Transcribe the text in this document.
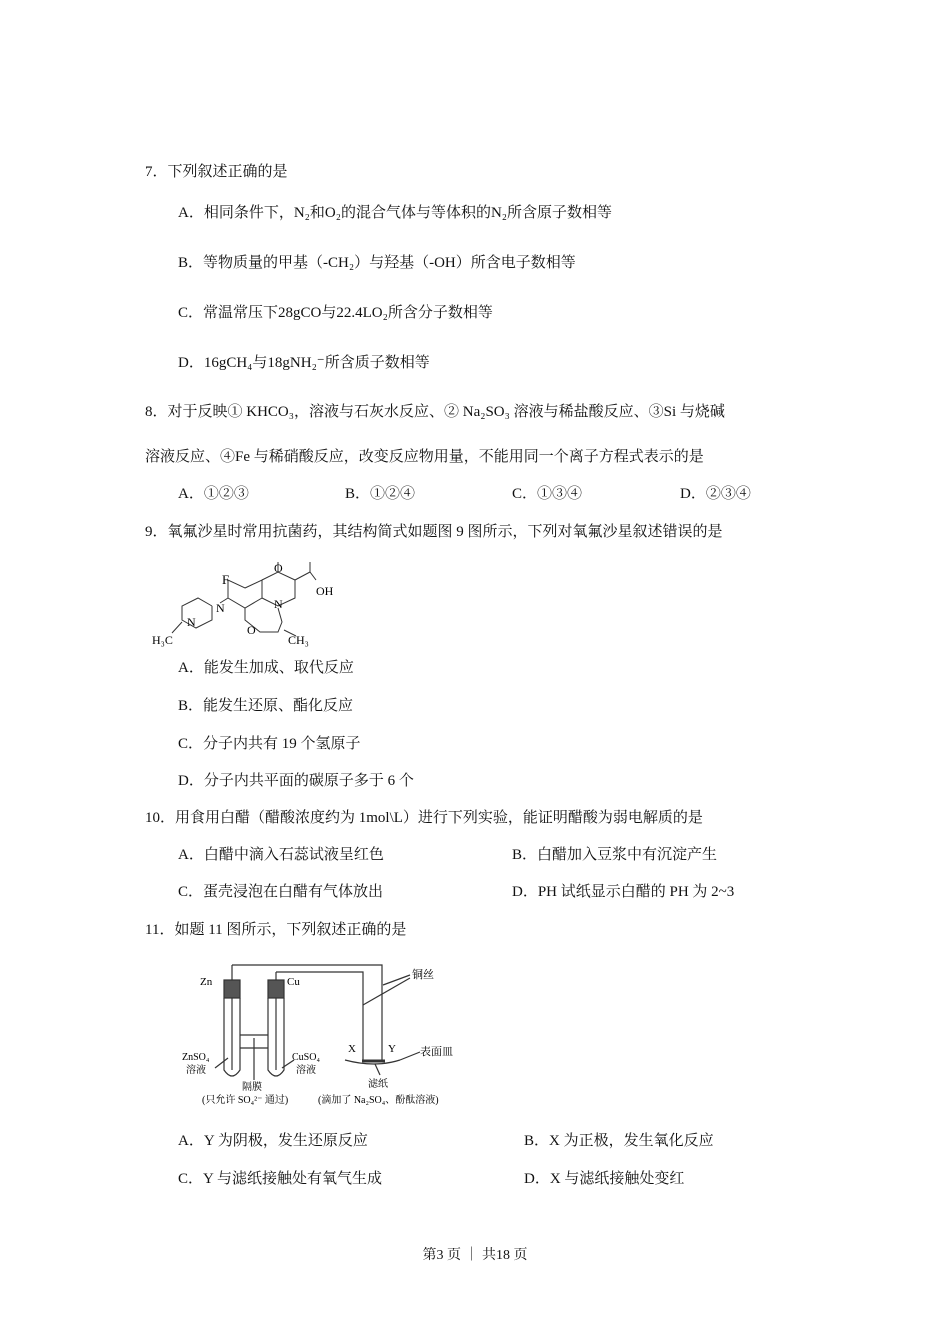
7．下列叙述正确的是
A．相同条件下，N₂和O₂的混合气体与等体积的N₂所含原子数相等
B．等物质量的甲基（-CH₂）与羟基（-OH）所含电子数相等
C．常温常压下28gCO与22.4LO₂所含分子数相等
D．16gCH₄与18gNH₂⁻所含质子数相等
8．对于反映① KHCO₃，溶液与石灰水反应、② Na₂SO₃ 溶液与稀盐酸反应、③Si 与烧碱
溶液反应、④Fe 与稀硝酸反应，改变反应物用量，不能用同一个离子方程式表示的是
A．①②③	B．①②④	C．①③④	D．②③④
9．氧氟沙星时常用抗菌药，其结构简式如题图 9 图所示，下列对氧氟沙星叙述错误的是
F
O
OH
N
N
N
O
H₃C	CH₃
A．能发生加成、取代反应
B．能发生还原、酯化反应
C．分子内共有 19 个氢原子
D．分子内共平面的碳原子多于 6 个
10．用食用白醋（醋酸浓度约为 1mol\L）进行下列实验，能证明醋酸为弱电解质的是
A．白醋中滴入石蕊试液呈红色	B．白醋加入豆浆中有沉淀产生
C．蛋壳浸泡在白醋有气体放出	D．PH 试纸显示白醋的 PH 为 2~3
11．如题 11 图所示，下列叙述正确的是
Zn	Cu
铜丝
X	Y 表面皿
ZnSO₄
溶液
CuSO₄
溶液
隔膜
(只允许 SO₄²⁻ 通过)
滤纸
(滴加了 Na₂SO₄、酚酞溶液)
A．Y 为阴极，发生还原反应	B．X 为正极，发生氧化反应
C．Y 与滤纸接触处有氧气生成	D．X 与滤纸接触处变红
第3 页 ｜ 共18 页
